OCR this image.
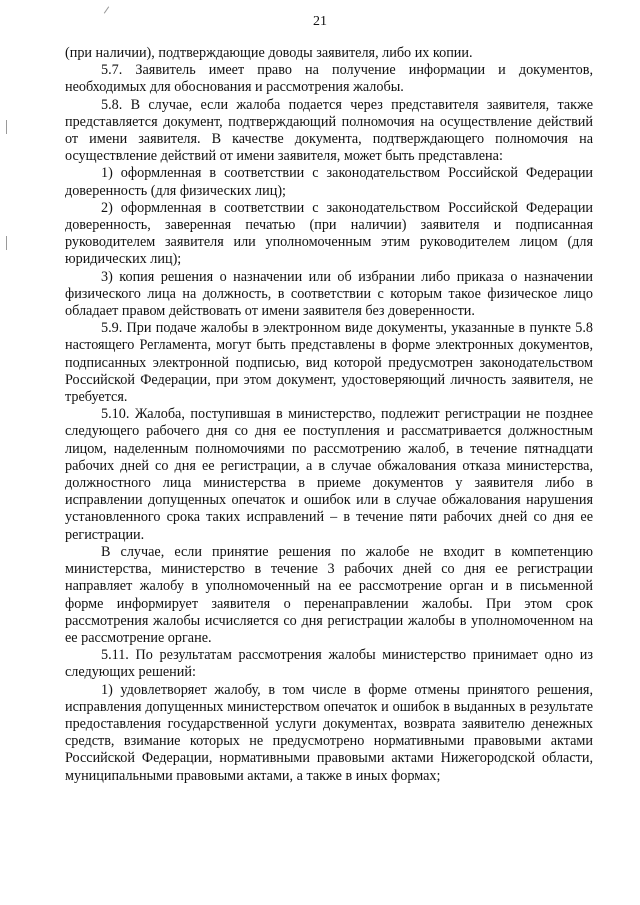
21

(при наличии), подтверждающие доводы заявителя, либо их копии.

5.7. Заявитель имеет право на получение информации и документов, необходимых для обоснования и рассмотрения жалобы.

5.8. В случае, если жалоба подается через представителя заявителя, также представляется документ, подтверждающий полномочия на осуществление действий от имени заявителя. В качестве документа, подтверждающего полномочия на осуществление действий от имени заявителя, может быть представлена:

1) оформленная в соответствии с законодательством Российской Федерации доверенность (для физических лиц);

2) оформленная в соответствии с законодательством Российской Федерации доверенность, заверенная печатью (при наличии) заявителя и подписанная руководителем заявителя или уполномоченным этим руководителем лицом (для юридических лиц);

3) копия решения о назначении или об избрании либо приказа о назначении физического лица на должность, в соответствии с которым такое физическое лицо обладает правом действовать от имени заявителя без доверенности.

5.9. При подаче жалобы в электронном виде документы, указанные в пункте 5.8 настоящего Регламента, могут быть представлены в форме электронных документов, подписанных электронной подписью, вид которой предусмотрен законодательством Российской Федерации, при этом документ, удостоверяющий личность заявителя, не требуется.

5.10. Жалоба, поступившая в министерство, подлежит регистрации не позднее следующего рабочего дня со дня ее поступления и рассматривается должностным лицом, наделенным полномочиями по рассмотрению жалоб, в течение пятнадцати рабочих дней со дня ее регистрации, а в случае обжалования отказа министерства, должностного лица министерства в приеме документов у заявителя либо в исправлении допущенных опечаток и ошибок или в случае обжалования нарушения установленного срока таких исправлений – в течение пяти рабочих дней со дня ее регистрации.

В случае, если принятие решения по жалобе не входит в компетенцию министерства, министерство в течение 3 рабочих дней со дня ее регистрации направляет жалобу в уполномоченный на ее рассмотрение орган и в письменной форме информирует заявителя о перенаправлении жалобы. При этом срок рассмотрения жалобы исчисляется со дня регистрации жалобы в уполномоченном на ее рассмотрение органе.

5.11. По результатам рассмотрения жалобы министерство принимает одно из следующих решений:

1) удовлетворяет жалобу, в том числе в форме отмены принятого решения, исправления допущенных министерством опечаток и ошибок в выданных в результате предоставления государственной услуги документах, возврата заявителю денежных средств, взимание которых не предусмотрено нормативными правовыми актами Российской Федерации, нормативными правовыми актами Нижегородской области, муниципальными правовыми актами, а также в иных формах;
